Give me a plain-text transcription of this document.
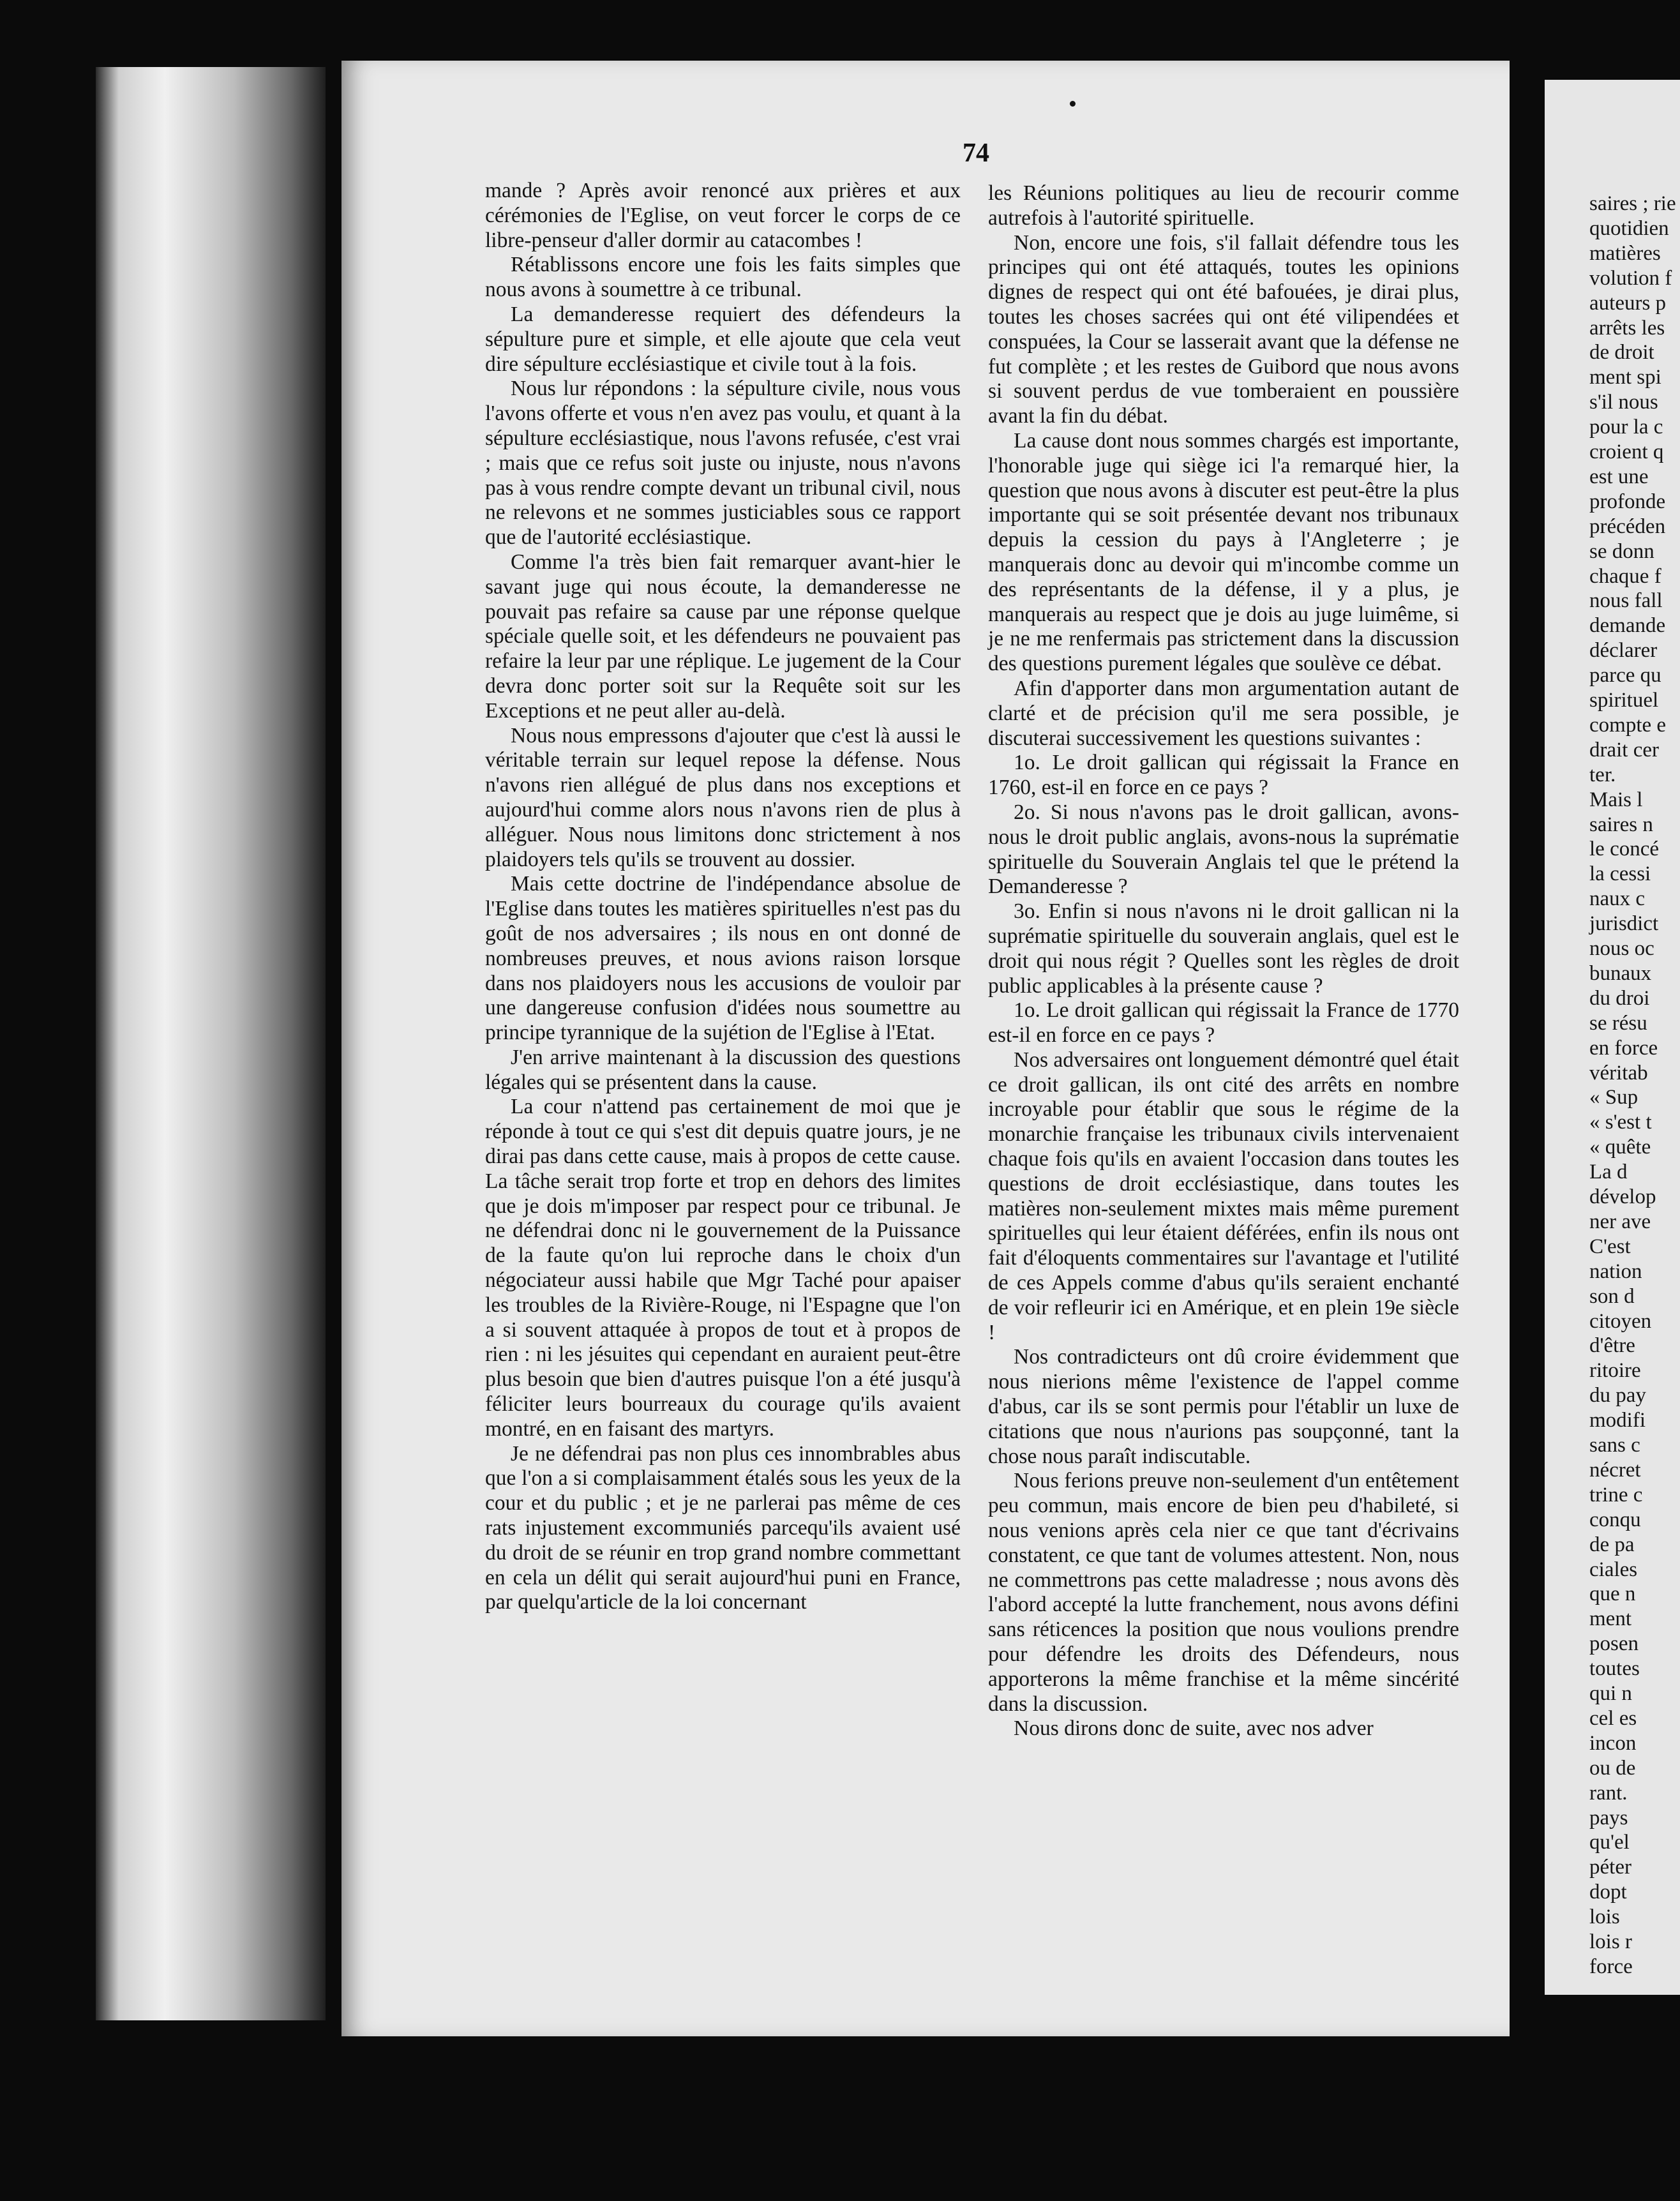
74

mande ? Après avoir renoncé aux prières et aux cérémonies de l'Eglise, on veut forcer le corps de ce libre-penseur d'aller dormir au catacombes !

Rétablissons encore une fois les faits simples que nous avons à soumettre à ce tribunal.

La demanderesse requiert des défendeurs la sépulture pure et simple, et elle ajoute que cela veut dire sépulture ecclésiastique et civile tout à la fois.

Nous lur répondons : la sépulture civile, nous vous l'avons offerte et vous n'en avez pas voulu, et quant à la sépulture ecclésiastique, nous l'avons refusée, c'est vrai ; mais que ce refus soit juste ou injuste, nous n'avons pas à vous rendre compte devant un tribunal civil, nous ne relevons et ne sommes justiciables sous ce rapport que de l'autorité ecclésiastique.

Comme l'a très bien fait remarquer avant-hier le savant juge qui nous écoute, la demanderesse ne pouvait pas refaire sa cause par une réponse quelque spéciale quelle soit, et les défendeurs ne pouvaient pas refaire la leur par une réplique. Le jugement de la Cour devra donc porter soit sur la Requête soit sur les Exceptions et ne peut aller au-delà.

Nous nous empressons d'ajouter que c'est là aussi le véritable terrain sur lequel repose la défense. Nous n'avons rien allégué de plus dans nos exceptions et aujourd'hui comme alors nous n'avons rien de plus à alléguer. Nous nous limitons donc strictement à nos plaidoyers tels qu'ils se trouvent au dossier.

Mais cette doctrine de l'indépendance absolue de l'Eglise dans toutes les matières spirituelles n'est pas du goût de nos adversaires ; ils nous en ont donné de nombreuses preuves, et nous avions raison lorsque dans nos plaidoyers nous les accusions de vouloir par une dangereuse confusion d'idées nous soumettre au principe tyrannique de la sujétion de l'Eglise à l'Etat.

J'en arrive maintenant à la discussion des questions légales qui se présentent dans la cause.

La cour n'attend pas certainement de moi que je réponde à tout ce qui s'est dit depuis quatre jours, je ne dirai pas dans cette cause, mais à propos de cette cause. La tâche serait trop forte et trop en dehors des limites que je dois m'imposer par respect pour ce tribunal. Je ne défendrai donc ni le gouvernement de la Puissance de la faute qu'on lui reproche dans le choix d'un négociateur aussi habile que Mgr Taché pour apaiser les troubles de la Rivière-Rouge, ni l'Espagne que l'on a si souvent attaquée à propos de tout et à propos de rien : ni les jésuites qui cependant en auraient peut-être plus besoin que bien d'autres puisque l'on a été jusqu'à féliciter leurs bourreaux du courage qu'ils avaient montré, en en faisant des martyrs.

Je ne défendrai pas non plus ces innombrables abus que l'on a si complaisamment étalés sous les yeux de la cour et du public ; et je ne parlerai pas même de ces rats injustement excommuniés parcequ'ils avaient usé du droit de se réunir en trop grand nombre commettant en cela un délit qui serait aujourd'hui puni en France, par quelqu'article de la loi concernant

les Réunions politiques au lieu de recourir comme autrefois à l'autorité spirituelle.

Non, encore une fois, s'il fallait défendre tous les principes qui ont été attaqués, toutes les opinions dignes de respect qui ont été bafouées, je dirai plus, toutes les choses sacrées qui ont été vilipendées et conspuées, la Cour se lasserait avant que la défense ne fut complète ; et les restes de Guibord que nous avons si souvent perdus de vue tomberaient en poussière avant la fin du débat.

La cause dont nous sommes chargés est importante, l'honorable juge qui siège ici l'a remarqué hier, la question que nous avons à discuter est peut-être la plus importante qui se soit présentée devant nos tribunaux depuis la cession du pays à l'Angleterre ; je manquerais donc au devoir qui m'incombe comme un des représentants de la défense, il y a plus, je manquerais au respect que je dois au juge luimême, si je ne me renfermais pas strictement dans la discussion des questions purement légales que soulève ce débat.

Afin d'apporter dans mon argumentation autant de clarté et de précision qu'il me sera possible, je discuterai successivement les questions suivantes :

1o. Le droit gallican qui régissait la France en 1760, est-il en force en ce pays ?

2o. Si nous n'avons pas le droit gallican, avons-nous le droit public anglais, avons-nous la suprématie spirituelle du Souverain Anglais tel que le prétend la Demanderesse ?

3o. Enfin si nous n'avons ni le droit gallican ni la suprématie spirituelle du souverain anglais, quel est le droit qui nous régit ? Quelles sont les règles de droit public applicables à la présente cause ?

1o. Le droit gallican qui régissait la France de 1770 est-il en force en ce pays ?

Nos adversaires ont longuement démontré quel était ce droit gallican, ils ont cité des arrêts en nombre incroyable pour établir que sous le régime de la monarchie française les tribunaux civils intervenaient chaque fois qu'ils en avaient l'occasion dans toutes les questions de droit ecclésiastique, dans toutes les matières non-seulement mixtes mais même purement spirituelles qui leur étaient déférées, enfin ils nous ont fait d'éloquents commentaires sur l'avantage et l'utilité de ces Appels comme d'abus qu'ils seraient enchanté de voir refleurir ici en Amérique, et en plein 19e siècle !

Nos contradicteurs ont dû croire évidemment que nous nierions même l'existence de l'appel comme d'abus, car ils se sont permis pour l'établir un luxe de citations que nous n'aurions pas soupçonné, tant la chose nous paraît indiscutable.

Nous ferions preuve non-seulement d'un entêtement peu commun, mais encore de bien peu d'habileté, si nous venions après cela nier ce que tant d'écrivains constatent, ce que tant de volumes attestent. Non, nous ne commettrons pas cette maladresse ; nous avons dès l'abord accepté la lutte franchement, nous avons défini sans réticences la position que nous voulions prendre pour défendre les droits des Défendeurs, nous apporterons la même franchise et la même sincérité dans la discussion.

Nous dirons donc de suite, avec nos adver

saires ; rie
quotidien
matières
volution f
auteurs p
arrêts les
de droit
ment spi
s'il nous
pour la c
croient q
est une
profonde
précéden
se donn
chaque f
nous fall
demande
déclarer
parce qu
spirituel
compte e
drait cer
ter.
Mais l
saires n
le concé
la cessi
naux c
jurisdict
nous oc
bunaux
du droi
se résu
en force
véritab
« Sup
« s'est t
« quête
La d
dévelop
ner ave
C'est
nation
son d
citoyen
d'être
ritoire
du pay
modifi
sans c
nécret
trine c
conqu
de pa
ciales
que n
ment
posen
toutes
qui n
cel es
incon
ou de
rant.
pays
qu'el
péter
dopt
lois
lois r
force
